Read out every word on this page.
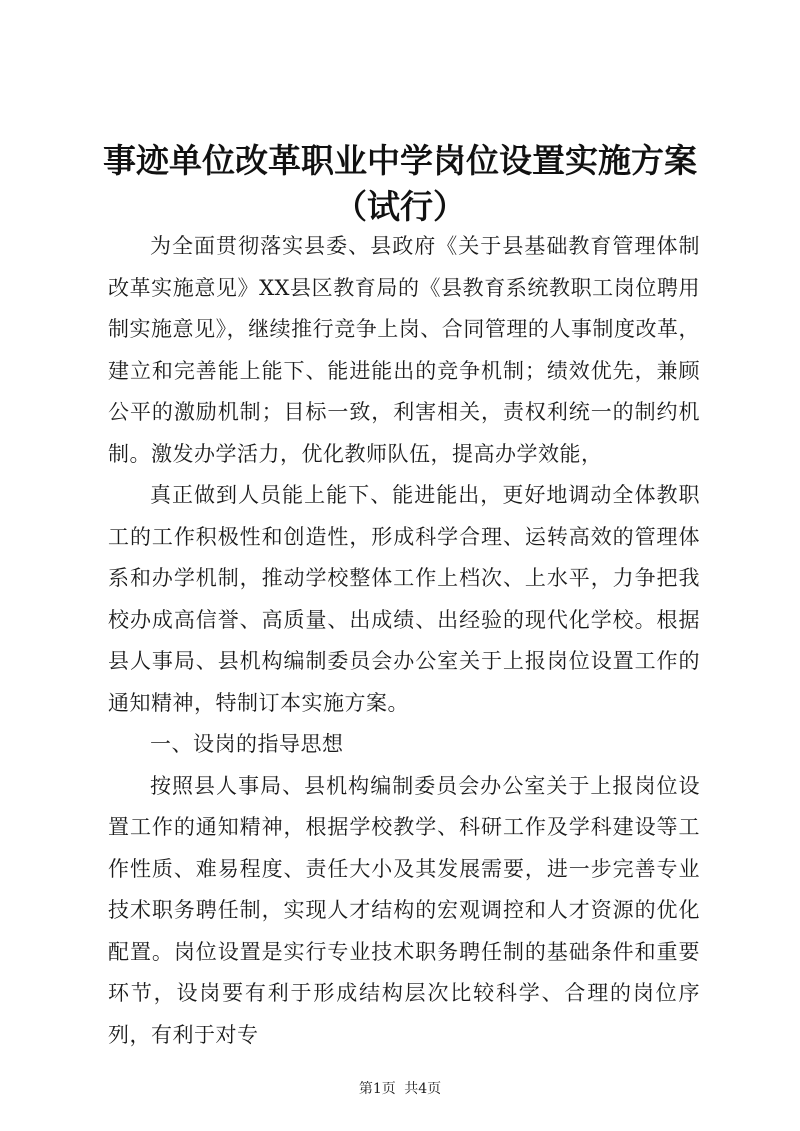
事迹单位改革职业中学岗位设置实施方案（试行）

为全面贯彻落实县委、县政府《关于县基础教育管理体制改革实施意见》XX县区教育局的《县教育系统教职工岗位聘用制实施意见》，继续推行竞争上岗、合同管理的人事制度改革，建立和完善能上能下、能进能出的竞争机制；绩效优先，兼顾公平的激励机制；目标一致，利害相关，责权利统一的制约机制。激发办学活力，优化教师队伍，提高办学效能，

真正做到人员能上能下、能进能出，更好地调动全体教职工的工作积极性和创造性，形成科学合理、运转高效的管理体系和办学机制，推动学校整体工作上档次、上水平，力争把我校办成高信誉、高质量、出成绩、出经验的现代化学校。根据县人事局、县机构编制委员会办公室关于上报岗位设置工作的通知精神，特制订本实施方案。

一、设岗的指导思想

按照县人事局、县机构编制委员会办公室关于上报岗位设置工作的通知精神，根据学校教学、科研工作及学科建设等工作性质、难易程度、责任大小及其发展需要，进一步完善专业技术职务聘任制，实现人才结构的宏观调控和人才资源的优化配置。岗位设置是实行专业技术职务聘任制的基础条件和重要环节，设岗要有利于形成结构层次比较科学、合理的岗位序列，有利于对专

第1页 共4页
